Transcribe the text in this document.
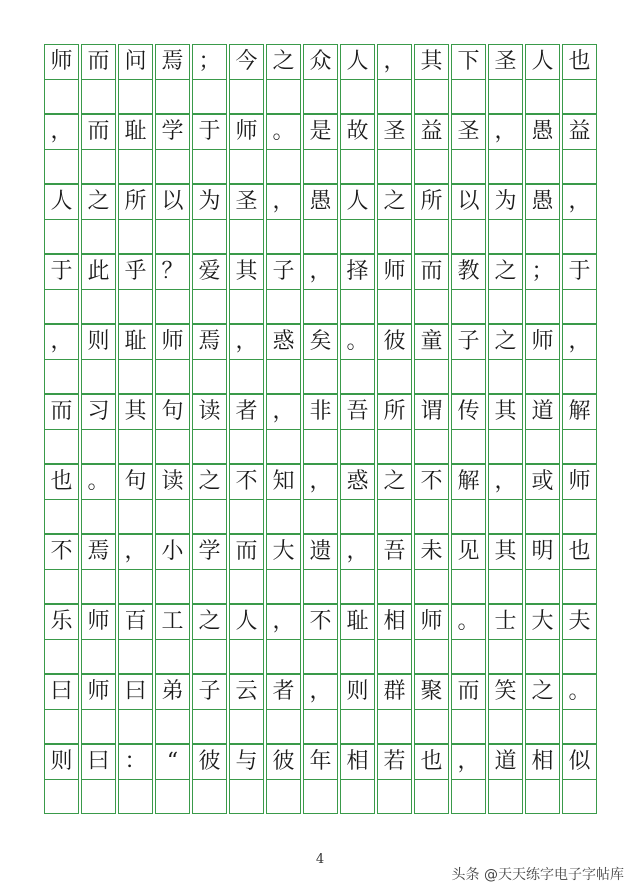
师 而 问 焉 ； 今 之 众 人 ， 其 下 圣 人 也
， 而 耻 学 于 师 。 是 故 圣 益 圣 ， 愚 益
人 之 所 以 为 圣 ， 愚 人 之 所 以 为 愚 ，
于 此 乎 ？ 爱 其 子 ， 择 师 而 教 之 ； 于
， 则 耻 师 焉 ， 惑 矣 。 彼 童 子 之 师 ，
而 习 其 句 读 者 ， 非 吾 所 谓 传 其 道 解
也 。 句 读 之 不 知 ， 惑 之 不 解 ， 或 师
不 焉 ， 小 学 而 大 遗 ， 吾 未 见 其 明 也
乐 师 百 工 之 人 ， 不 耻 相 师 。 士 大 夫
曰 师 曰 弟 子 云 者 ， 则 群 聚 而 笑 之 。
则 曰 ： “ 彼 与 彼 年 相 若 也 ， 道 相 似
4
头条 @天天练字电子字帖库
